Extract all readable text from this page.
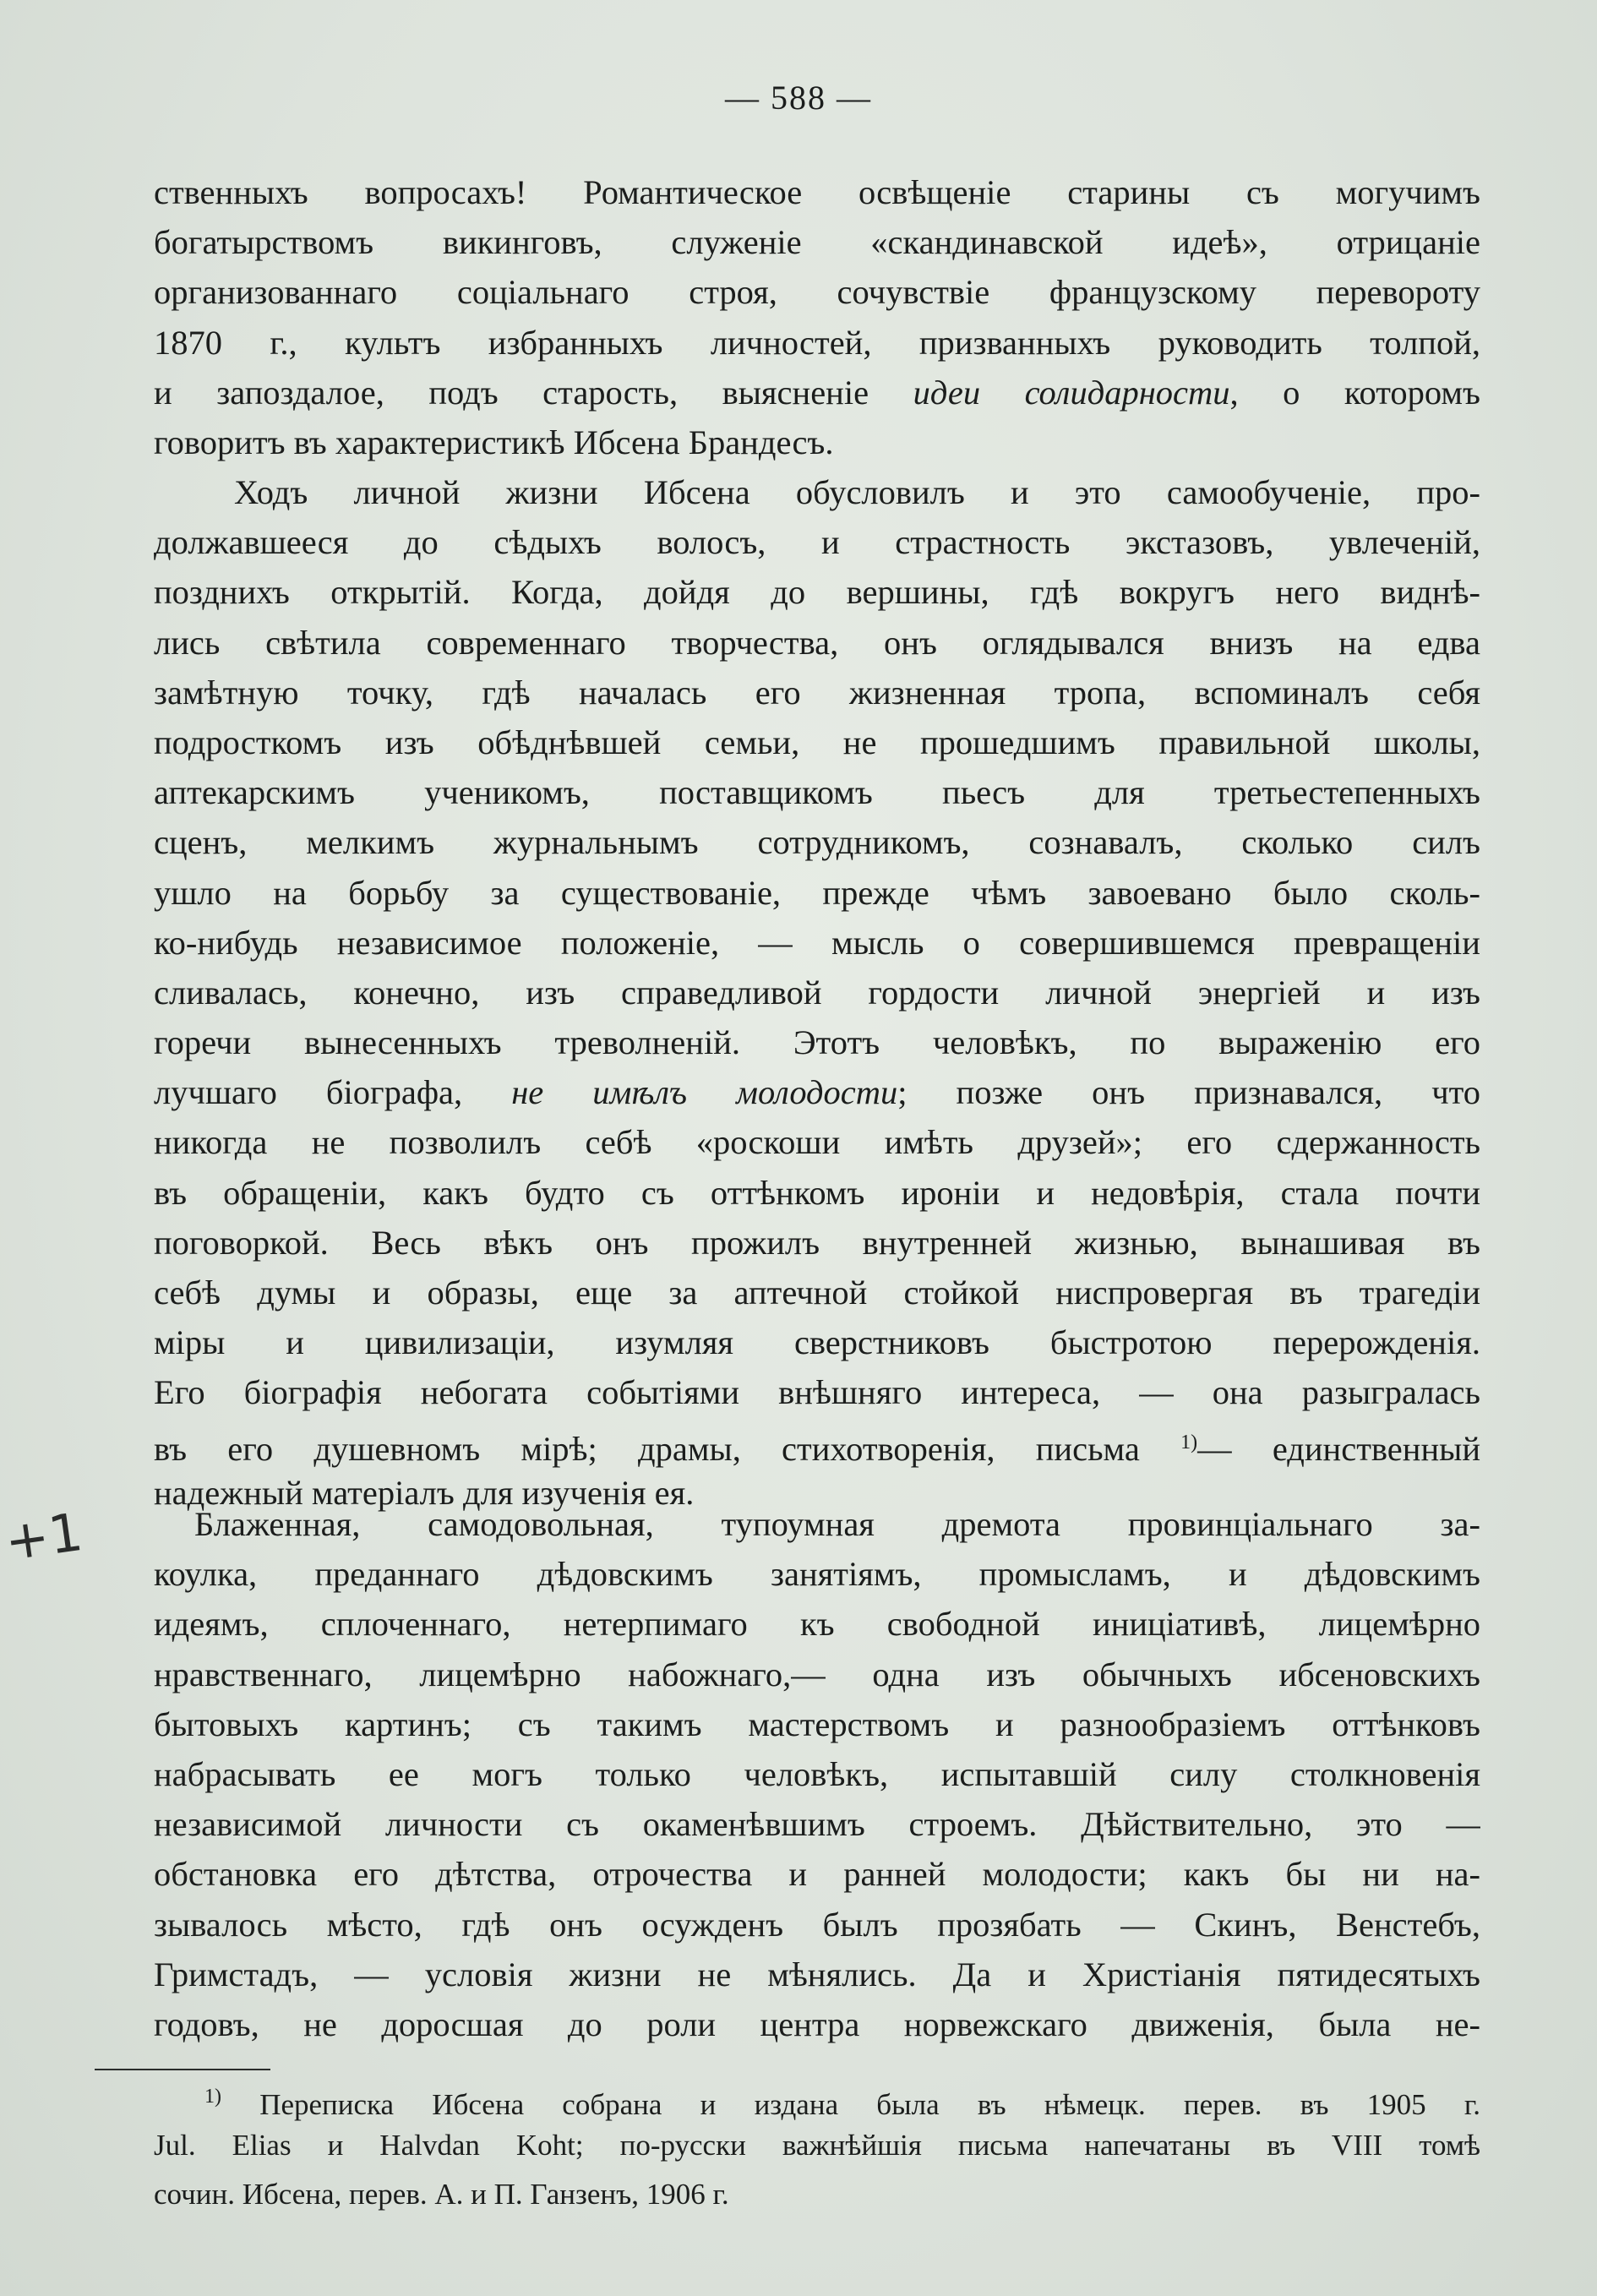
— 588 —
+1
ственныхъ вопросахъ! Романтическое освѣщеніе старины съ могучимъ
богатырствомъ викинговъ, служеніе «скандинавской идеѣ», отрицаніе
организованнаго соціальнаго строя, сочувствіе французскому перевороту
1870 г., культъ избранныхъ личностей, призванныхъ руководить толпой,
и запоздалое, подъ старость, выясненіе идеи солидарности, о которомъ
говоритъ въ характеристикѣ Ибсена Брандесъ.
Ходъ личной жизни Ибсена обусловилъ и это самообученіе, про-
должавшееся до сѣдыхъ волосъ, и страстность экстазовъ, увлеченій,
позднихъ открытій. Когда, дойдя до вершины, гдѣ вокругъ него виднѣ-
лись свѣтила современнаго творчества, онъ оглядывался внизъ на едва
замѣтную точку, гдѣ началась его жизненная тропа, вспоминалъ себя
подросткомъ изъ обѣднѣвшей семьи, не прошедшимъ правильной школы,
аптекарскимъ ученикомъ, поставщикомъ пьесъ для третьестепенныхъ
сценъ, мелкимъ журнальнымъ сотрудникомъ, сознавалъ, сколько силъ
ушло на борьбу за существованіе, прежде чѣмъ завоевано было сколь-
ко-нибудь независимое положеніе, — мысль о совершившемся превращеніи
сливалась, конечно, изъ справедливой гордости личной энергіей и изъ
горечи вынесенныхъ треволненій. Этотъ человѣкъ, по выраженію его
лучшаго біографа, не имѣлъ молодости; позже онъ признавался, что
никогда не позволилъ себѣ «роскоши имѣть друзей»; его сдержанность
въ обращеніи, какъ будто съ оттѣнкомъ ироніи и недовѣрія, стала почти
поговоркой. Весь вѣкъ онъ прожилъ внутренней жизнью, вынашивая въ
себѣ думы и образы, еще за аптечной стойкой ниспровергая въ трагедіи
міры и цивилизаціи, изумляя сверстниковъ быстротою перерожденія.
Его біографія небогата событіями внѣшняго интереса, — она разыгралась
въ его душевномъ мірѣ; драмы, стихотворенія, письма $^{1)}$— единственный
надежный матеріалъ для изученія ея.
Блаженная, самодовольная, тупоумная дремота провинціальнаго за-
коулка, преданнаго дѣдовскимъ занятіямъ, промысламъ, и дѣдовскимъ
идеямъ, сплоченнаго, нетерпимаго къ свободной иниціативѣ, лицемѣрно
нравственнаго, лицемѣрно набожнаго,— одна изъ обычныхъ ибсеновскихъ
бытовыхъ картинъ; съ такимъ мастерствомъ и разнообразіемъ оттѣнковъ
набрасывать ее могъ только человѣкъ, испытавшій силу столкновенія
независимой личности съ окаменѣвшимъ строемъ. Дѣйствительно, это —
обстановка его дѣтства, отрочества и ранней молодости; какъ бы ни на-
зывалось мѣсто, гдѣ онъ осужденъ былъ прозябать — Скинъ, Венстебъ,
Гримстадъ, — условія жизни не мѣнялись. Да и Христіанія пятидесятыхъ
годовъ, не доросшая до роли центра норвежскаго движенія, была не-
$^{1)}$ Переписка Ибсена собрана и издана была въ нѣмецк. перев. въ 1905 г.
Jul. Elias и Halvdan Koht; по-русски важнѣйшія письма напечатаны въ VIII томѣ
сочин. Ибсена, перев. А. и П. Ганзенъ, 1906 г.
